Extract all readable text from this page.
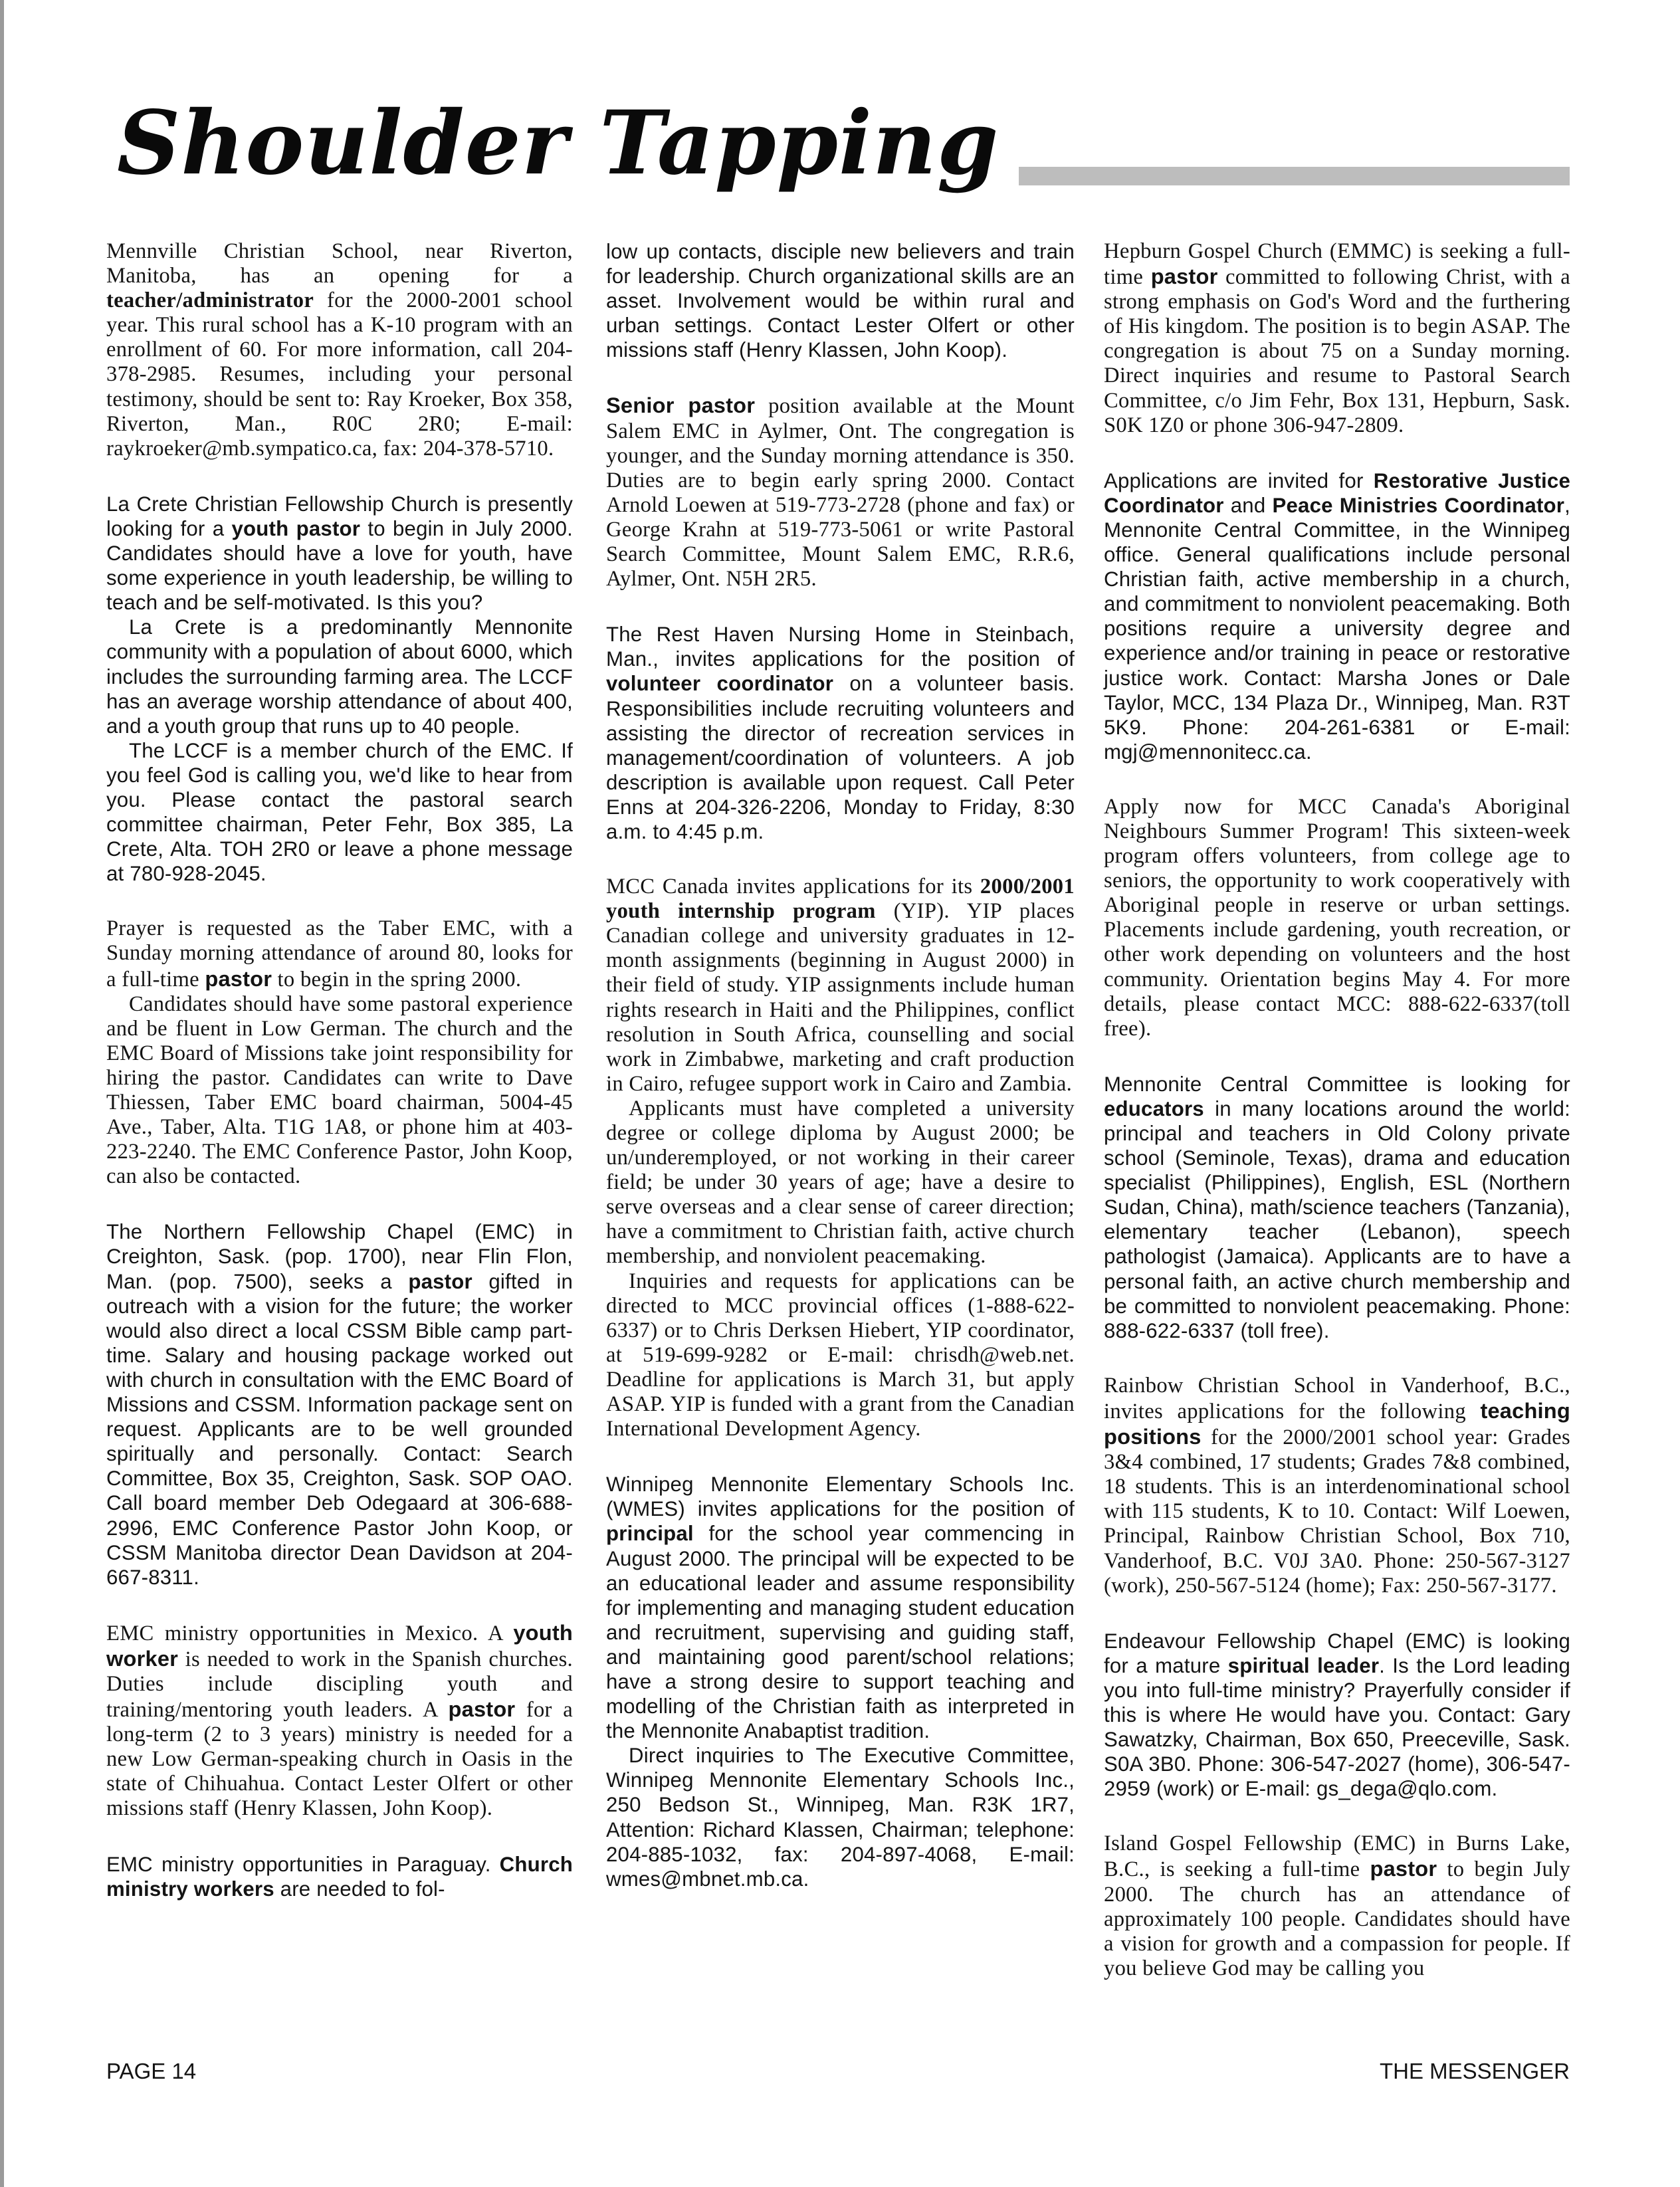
Shoulder Tapping

Mennville Christian School, near Riverton, Manitoba, has an opening for a teacher/administrator for the 2000-2001 school year. This rural school has a K-10 program with an enrollment of 60. For more information, call 204-378-2985. Resumes, including your personal testimony, should be sent to: Ray Kroeker, Box 358, Riverton, Man., R0C 2R0; E-mail: raykroeker@mb.sympatico.ca, fax: 204-378-5710.

La Crete Christian Fellowship Church is presently looking for a youth pastor to begin in July 2000. Candidates should have a love for youth, have some experience in youth leadership, be willing to teach and be self-motivated. Is this you?

La Crete is a predominantly Mennonite community with a population of about 6000, which includes the surrounding farming area. The LCCF has an average worship attendance of about 400, and a youth group that runs up to 40 people.

The LCCF is a member church of the EMC. If you feel God is calling you, we'd like to hear from you. Please contact the pastoral search committee chairman, Peter Fehr, Box 385, La Crete, Alta. TOH 2R0 or leave a phone message at 780-928-2045.

Prayer is requested as the Taber EMC, with a Sunday morning attendance of around 80, looks for a full-time pastor to begin in the spring 2000.

Candidates should have some pastoral experience and be fluent in Low German. The church and the EMC Board of Missions take joint responsibility for hiring the pastor. Candidates can write to Dave Thiessen, Taber EMC board chairman, 5004-45 Ave., Taber, Alta. T1G 1A8, or phone him at 403-223-2240. The EMC Conference Pastor, John Koop, can also be contacted.

The Northern Fellowship Chapel (EMC) in Creighton, Sask. (pop. 1700), near Flin Flon, Man. (pop. 7500), seeks a pastor gifted in outreach with a vision for the future; the worker would also direct a local CSSM Bible camp part-time. Salary and housing package worked out with church in consultation with the EMC Board of Missions and CSSM. Information package sent on request. Applicants are to be well grounded spiritually and personally. Contact: Search Committee, Box 35, Creighton, Sask. SOP OAO. Call board member Deb Odegaard at 306-688-2996, EMC Conference Pastor John Koop, or CSSM Manitoba director Dean Davidson at 204-667-8311.

EMC ministry opportunities in Mexico. A youth worker is needed to work in the Spanish churches. Duties include discipling youth and training/mentoring youth leaders. A pastor for a long-term (2 to 3 years) ministry is needed for a new Low German-speaking church in Oasis in the state of Chihuahua. Contact Lester Olfert or other missions staff (Henry Klassen, John Koop).

EMC ministry opportunities in Paraguay. Church ministry workers are needed to fol-

low up contacts, disciple new believers and train for leadership. Church organizational skills are an asset. Involvement would be within rural and urban settings. Contact Lester Olfert or other missions staff (Henry Klassen, John Koop).

Senior pastor position available at the Mount Salem EMC in Aylmer, Ont. The congregation is younger, and the Sunday morning attendance is 350. Duties are to begin early spring 2000. Contact Arnold Loewen at 519-773-2728 (phone and fax) or George Krahn at 519-773-5061 or write Pastoral Search Committee, Mount Salem EMC, R.R.6, Aylmer, Ont. N5H 2R5.

The Rest Haven Nursing Home in Steinbach, Man., invites applications for the position of volunteer coordinator on a volunteer basis. Responsibilities include recruiting volunteers and assisting the director of recreation services in management/coordination of volunteers. A job description is available upon request. Call Peter Enns at 204-326-2206, Monday to Friday, 8:30 a.m. to 4:45 p.m.

MCC Canada invites applications for its 2000/2001 youth internship program (YIP). YIP places Canadian college and university graduates in 12-month assignments (beginning in August 2000) in their field of study. YIP assignments include human rights research in Haiti and the Philippines, conflict resolution in South Africa, counselling and social work in Zimbabwe, marketing and craft production in Cairo, refugee support work in Cairo and Zambia.

Applicants must have completed a university degree or college diploma by August 2000; be un/underemployed, or not working in their career field; be under 30 years of age; have a desire to serve overseas and a clear sense of career direction; have a commitment to Christian faith, active church membership, and nonviolent peacemaking.

Inquiries and requests for applications can be directed to MCC provincial offices (1-888-622-6337) or to Chris Derksen Hiebert, YIP coordinator, at 519-699-9282 or E-mail: chrisdh@web.net. Deadline for applications is March 31, but apply ASAP. YIP is funded with a grant from the Canadian International Development Agency.

Winnipeg Mennonite Elementary Schools Inc. (WMES) invites applications for the position of principal for the school year commencing in August 2000. The principal will be expected to be an educational leader and assume responsibility for implementing and managing student education and recruitment, supervising and guiding staff, and maintaining good parent/school relations; have a strong desire to support teaching and modelling of the Christian faith as interpreted in the Mennonite Anabaptist tradition.

Direct inquiries to The Executive Committee, Winnipeg Mennonite Elementary Schools Inc., 250 Bedson St., Winnipeg, Man. R3K 1R7, Attention: Richard Klassen, Chairman; telephone: 204-885-1032, fax: 204-897-4068, E-mail: wmes@mbnet.mb.ca.

Hepburn Gospel Church (EMMC) is seeking a full-time pastor committed to following Christ, with a strong emphasis on God's Word and the furthering of His kingdom. The position is to begin ASAP. The congregation is about 75 on a Sunday morning. Direct inquiries and resume to Pastoral Search Committee, c/o Jim Fehr, Box 131, Hepburn, Sask. S0K 1Z0 or phone 306-947-2809.

Applications are invited for Restorative Justice Coordinator and Peace Ministries Coordinator, Mennonite Central Committee, in the Winnipeg office. General qualifications include personal Christian faith, active membership in a church, and commitment to nonviolent peacemaking. Both positions require a university degree and experience and/or training in peace or restorative justice work. Contact: Marsha Jones or Dale Taylor, MCC, 134 Plaza Dr., Winnipeg, Man. R3T 5K9. Phone: 204-261-6381 or E-mail: mgj@mennonitecc.ca.

Apply now for MCC Canada's Aboriginal Neighbours Summer Program! This sixteen-week program offers volunteers, from college age to seniors, the opportunity to work cooperatively with Aboriginal people in reserve or urban settings. Placements include gardening, youth recreation, or other work depending on volunteers and the host community. Orientation begins May 4. For more details, please contact MCC: 888-622-6337(toll free).

Mennonite Central Committee is looking for educators in many locations around the world: principal and teachers in Old Colony private school (Seminole, Texas), drama and education specialist (Philippines), English, ESL (Northern Sudan, China), math/science teachers (Tanzania), elementary teacher (Lebanon), speech pathologist (Jamaica). Applicants are to have a personal faith, an active church membership and be committed to nonviolent peacemaking. Phone: 888-622-6337 (toll free).

Rainbow Christian School in Vanderhoof, B.C., invites applications for the following teaching positions for the 2000/2001 school year: Grades 3&4 combined, 17 students; Grades 7&8 combined, 18 students. This is an interdenominational school with 115 students, K to 10. Contact: Wilf Loewen, Principal, Rainbow Christian School, Box 710, Vanderhoof, B.C. V0J 3A0. Phone: 250-567-3127 (work), 250-567-5124 (home); Fax: 250-567-3177.

Endeavour Fellowship Chapel (EMC) is looking for a mature spiritual leader. Is the Lord leading you into full-time ministry? Prayerfully consider if this is where He would have you. Contact: Gary Sawatzky, Chairman, Box 650, Preeceville, Sask. S0A 3B0. Phone: 306-547-2027 (home), 306-547-2959 (work) or E-mail: gs_dega@qlo.com.

Island Gospel Fellowship (EMC) in Burns Lake, B.C., is seeking a full-time pastor to begin July 2000. The church has an attendance of approximately 100 people. Candidates should have a vision for growth and a compassion for people. If you believe God may be calling you

PAGE 14	THE MESSENGER
